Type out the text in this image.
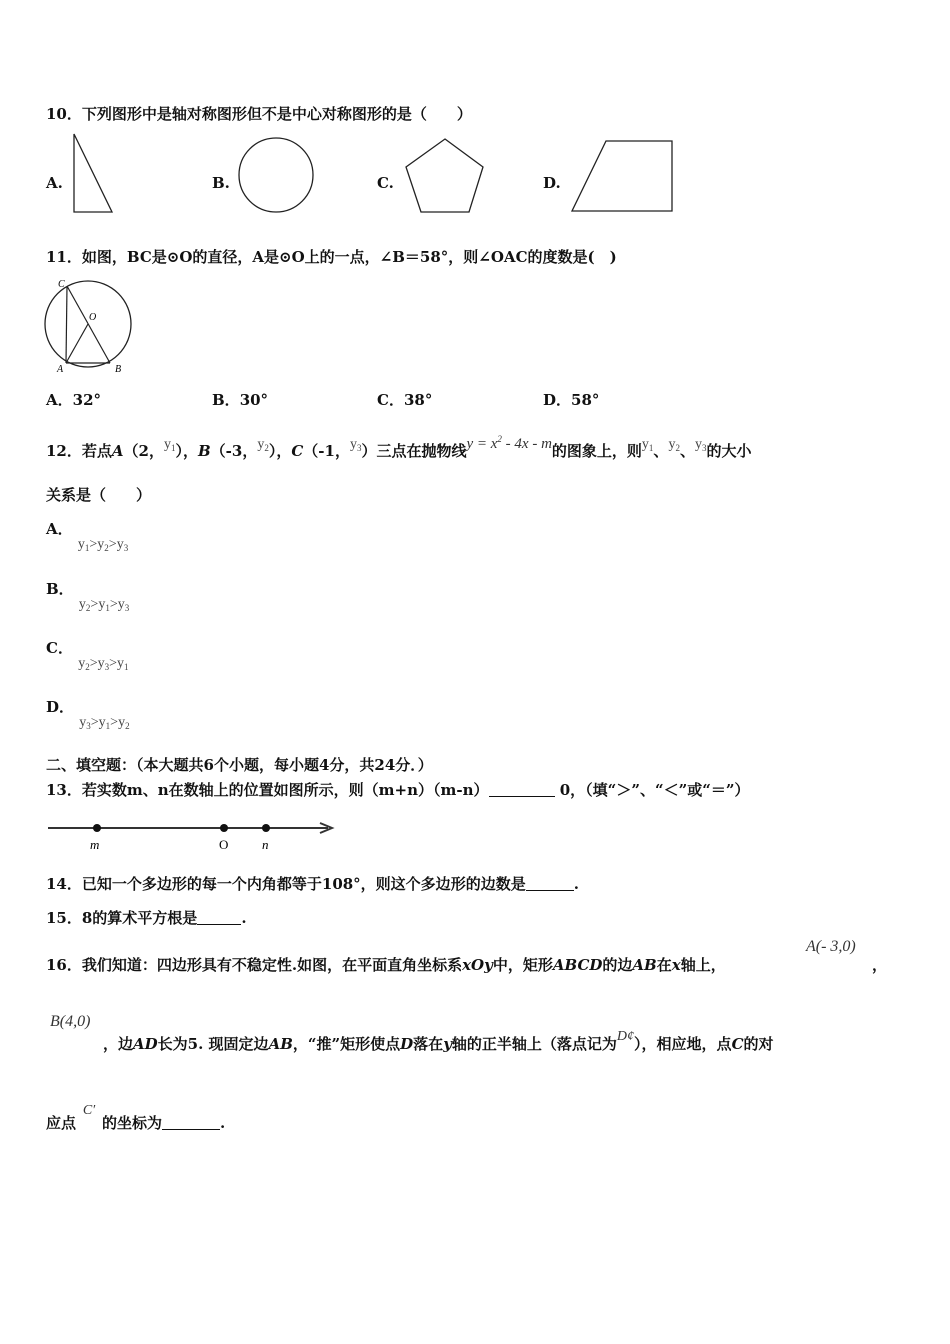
10．下列图形中是轴对称图形但不是中心对称图形的是（　　）
A.	B.	C.	D.
11．如图，BC是⊙O的直径，A是⊙O上的一点，∠B＝58°，则∠OAC的度数是(　)
C
O
A	B
A．32°	B．30°	C．38°	D．58°
12．若点A（2，$y_1$），B（-3，$y_2$），C（-1，$y_3$）三点在抛物线$y = x^2 - 4x - m$的图象上，则$y_1$、$y_2$、$y_3$的大小
关系是（　　）
A． $y_1>y_2>y_3$
B． $y_2>y_1>y_3$
C． $y_2>y_3>y_1$
D． $y_3>y_1>y_2$
二、填空题：（本大题共6个小题，每小题4分，共24分．）
13．若实数m、n在数轴上的位置如图所示，则（m+n）（m-n）	0，（填“＞”、“＜”或“＝”）
m	O	n
14．已知一个多边形的每一个内角都等于108°，则这个多边形的边数是	.
15．8的算术平方根是	.
16．我们知道：四边形具有不稳定性.如图，在平面直角坐标系xOy中，矩形ABCD的边AB在x轴上，
A(- 3,0)
，
B(4,0)
，边AD长为5. 现固定边AB，“推”矩形使点D落在y轴的正半轴上（落点记为D¢），相应地，点C的对
应点C′的坐标为	.
